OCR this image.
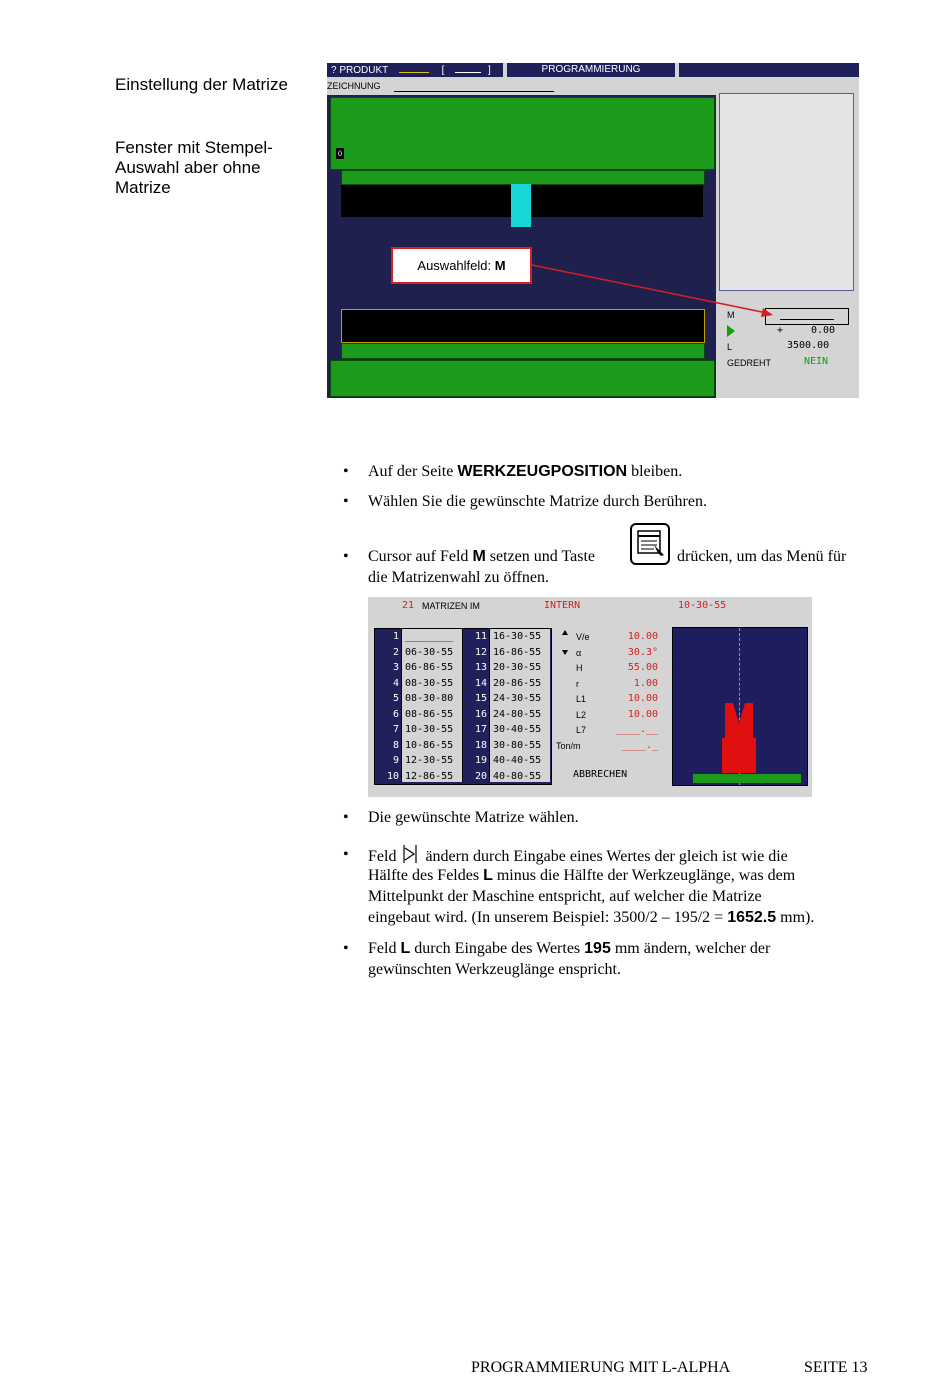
Einstellung der Matrize
Fenster mit Stempel-Auswahl aber ohne Matrize
? PRODUKT	[	]	PROGRAMMIERUNG
ZEICHNUNG
0
M
+	0.00
L	3500.00
GEDREHT	NEIN
Auswahlfeld: M
• Auf der Seite WERKZEUGPOSITION bleiben.
• Wählen Sie die gewünschte Matrize durch Berühren.
• Cursor auf Feld M setzen und Taste	drücken, um das Menü für
die Matrizenwahl zu öffnen.
21 MATRIZEN IM	INTERN	10-30-55
1 ________	11 16-30-55
2 06-30-55	12 16-86-55
3 06-86-55	13 20-30-55
4 08-30-55	14 20-86-55
5 08-30-80	15 24-30-55
6 08-86-55	16 24-80-55
7 10-30-55	17 30-40-55
8 10-86-55	18 30-80-55
9 12-30-55	19 40-40-55
10 12-86-55	20 40-80-55
V/e	10.00
α	30.3°
H	55.00
r	1.00
L1	10.00
L2	10.00
L7	____.__
Ton/m	____._
ABBRECHEN
• Die gewünschte Matrize wählen.
• Feld  ändern durch Eingabe eines Wertes der gleich ist wie die
Hälfte des Feldes L minus die Hälfte der Werkzeuglänge, was dem
Mittelpunkt der Maschine entspricht, auf welcher die Matrize
eingebaut wird. (In unserem Beispiel: 3500/2 – 195/2 = 1652.5 mm).
• Feld L durch Eingabe des Wertes 195 mm ändern, welcher der
gewünschten Werkzeuglänge enspricht.
PROGRAMMIERUNG MIT L-ALPHA	SEITE 13
